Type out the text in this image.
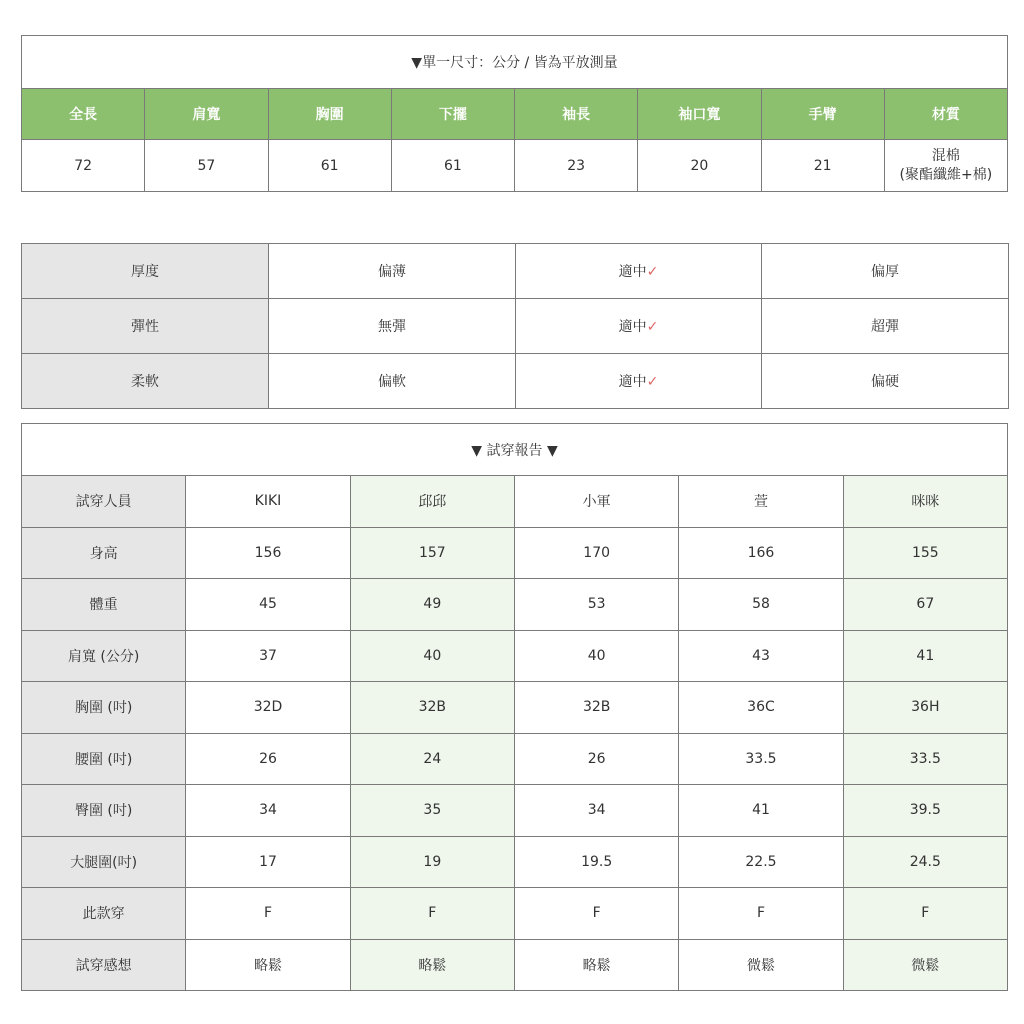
▼單一尺寸：公分 / 皆為平放測量							
全長	肩寬	胸圍	下擺	袖長	袖口寬	手臂	材質
72	57	61	61	23	20	21	混棉
(聚酯纖維+棉)
厚度	偏薄	適中✓	偏厚
彈性	無彈	適中✓	超彈
柔軟	偏軟	適中✓	偏硬
▼ 試穿報告 ▼					
試穿人員	KIKI	邱邱	小軍	萱	咪咪
身高	156	157	170	166	155
體重	45	49	53	58	67
肩寬 (公分)	37	40	40	43	41
胸圍 (吋)	32D	32B	32B	36C	36H
腰圍 (吋)	26	24	26	33.5	33.5
臀圍 (吋)	34	35	34	41	39.5
大腿圍(吋)	17	19	19.5	22.5	24.5
此款穿	F	F	F	F	F
試穿感想	略鬆	略鬆	略鬆	微鬆	微鬆
